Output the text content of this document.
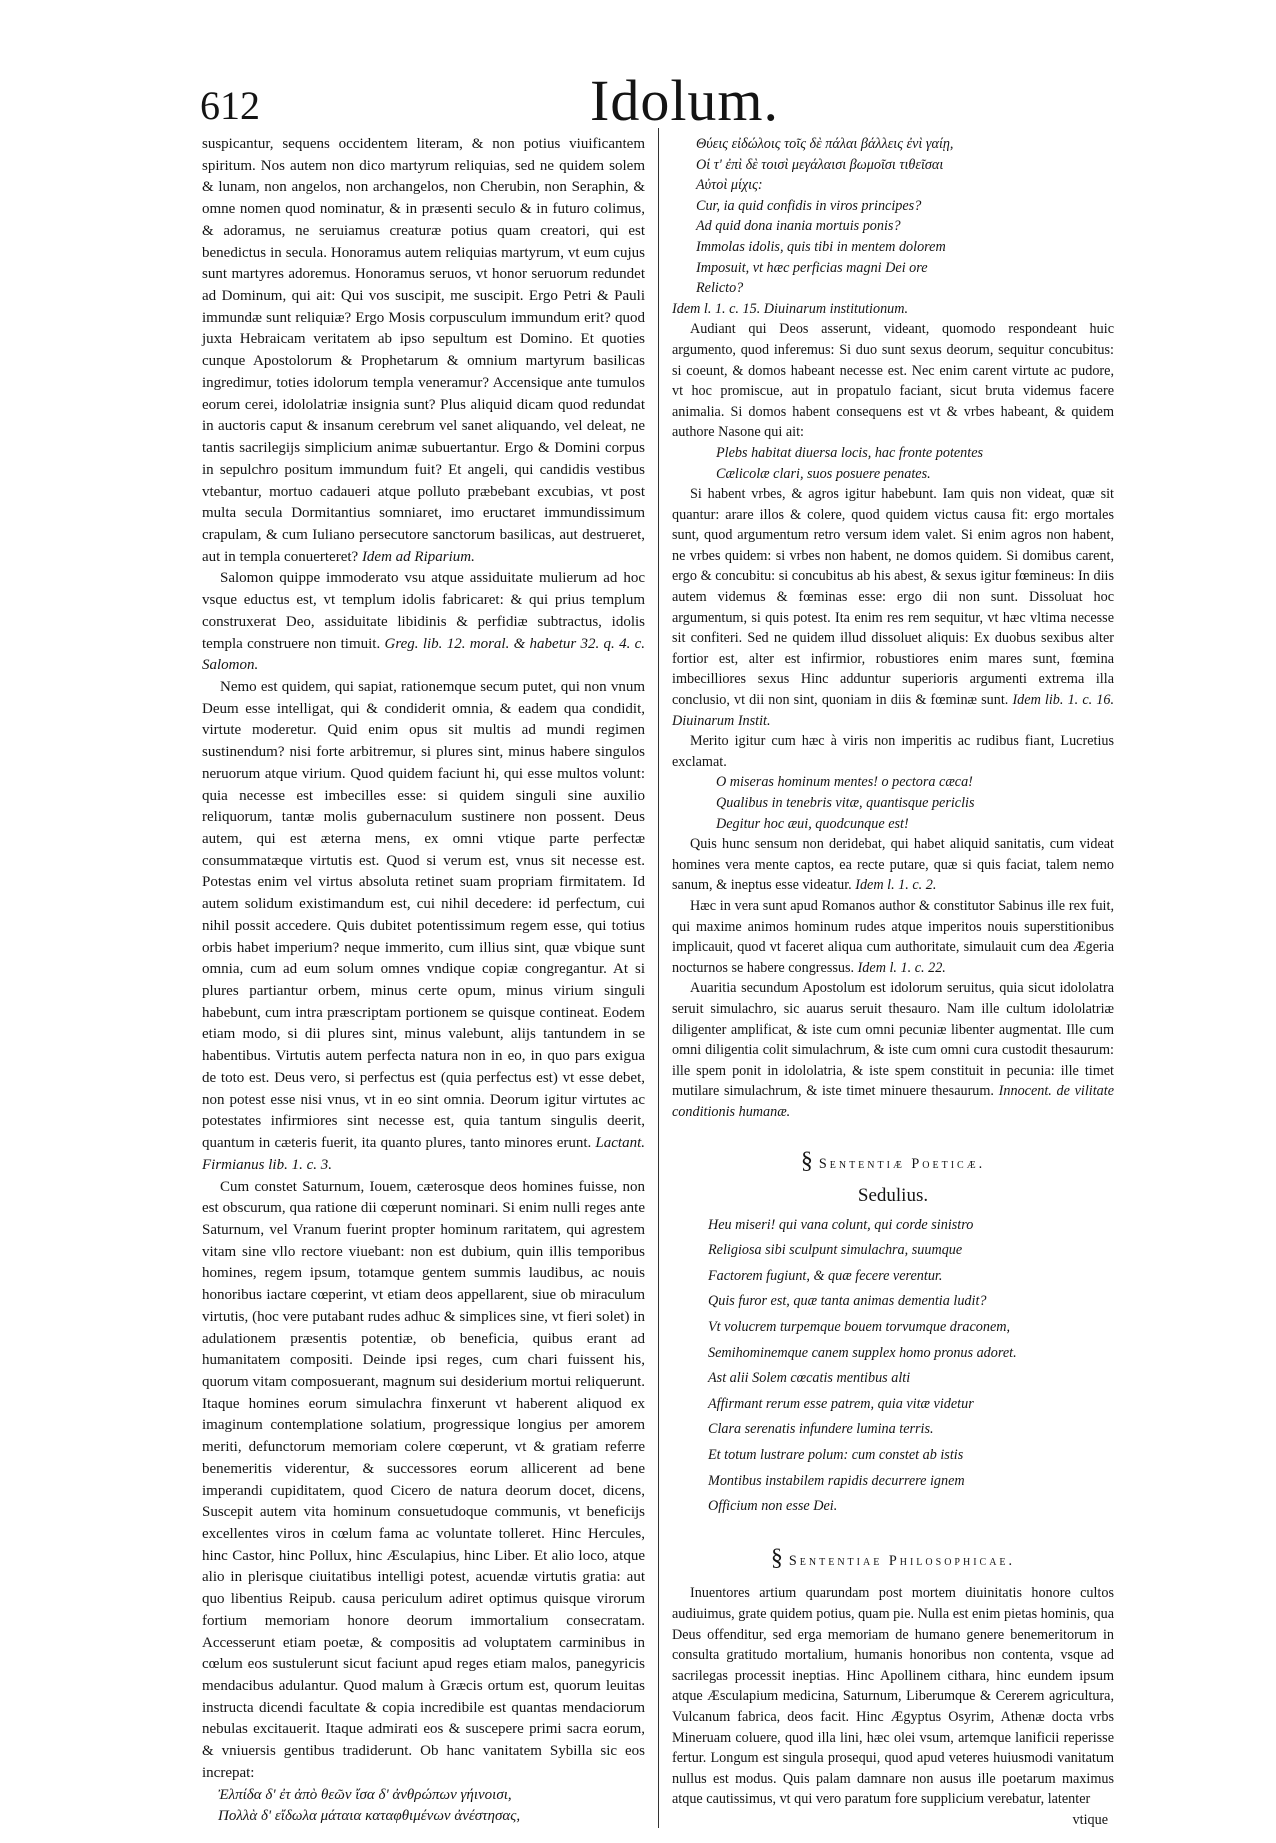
612	Idolum.

suspicantur, sequens occidentem literam, & non potius viuificantem spiritum. Nos autem non dico martyrum reliquias, sed ne quidem solem & lunam, non angelos, non archangelos, non Cherubin, non Seraphin, & omne nomen quod nominatur, & in præsenti seculo & in futuro colimus, & adoramus, ne seruiamus creaturæ potius quam creatori, qui est benedictus in secula. Honoramus autem reliquias martyrum, vt eum cujus sunt martyres adoremus. Honoramus seruos, vt honor seruorum redundet ad Dominum, qui ait: Qui vos suscipit, me suscipit. Ergo Petri & Pauli immundæ sunt reliquiæ? Ergo Mosis corpusculum immundum erit? quod juxta Hebraicam veritatem ab ipso sepultum est Domino. Et quoties cunque Apostolorum & Prophetarum & omnium martyrum basilicas ingredimur, toties idolorum templa veneramur? Accensique ante tumulos eorum cerei, idololatriæ insignia sunt? Plus aliquid dicam quod redundat in auctoris caput & insanum cerebrum vel sanet aliquando, vel deleat, ne tantis sacrilegijs simplicium animæ subuertantur. Ergo & Domini corpus in sepulchro positum immundum fuit? Et angeli, qui candidis vestibus vtebantur, mortuo cadaueri atque polluto præbebant excubias, vt post multa secula Dormitantius somniaret, imo eructaret immundissimum crapulam, & cum Iuliano persecutore sanctorum basilicas, aut destrueret, aut in templa conuerteret? Idem ad Riparium.

Salomon quippe immoderato vsu atque assiduitate mulierum ad hoc vsque eductus est, vt templum idolis fabricaret: & qui prius templum construxerat Deo, assiduitate libidinis & perfidiæ subtractus, idolis templa construere non timuit. Greg. lib. 12. moral. & habetur 32. q. 4. c. Salomon.

Nemo est quidem, qui sapiat, rationemque secum putet, qui non vnum Deum esse intelligat, qui & condiderit omnia, & eadem qua condidit, virtute moderetur. Quid enim opus sit multis ad mundi regimen sustinendum? nisi forte arbitremur, si plures sint, minus habere singulos neruorum atque virium. Quod quidem faciunt hi, qui esse multos volunt: quia necesse est imbecilles esse: si quidem singuli sine auxilio reliquorum, tantæ molis gubernaculum sustinere non possent. Deus autem, qui est æterna mens, ex omni vtique parte perfectæ consummatæque virtutis est. Quod si verum est, vnus sit necesse est. Potestas enim vel virtus absoluta retinet suam propriam firmitatem. Id autem solidum existimandum est, cui nihil decedere: id perfectum, cui nihil possit accedere. Quis dubitet potentissimum regem esse, qui totius orbis habet imperium? neque immerito, cum illius sint, quæ vbique sunt omnia, cum ad eum solum omnes vndique copiæ congregantur. At si plures partiantur orbem, minus certe opum, minus virium singuli habebunt, cum intra præscriptam portionem se quisque contineat. Eodem etiam modo, si dii plures sint, minus valebunt, alijs tantundem in se habentibus. Virtutis autem perfecta natura non in eo, in quo pars exigua de toto est. Deus vero, si perfectus est (quia perfectus est) vt esse debet, non potest esse nisi vnus, vt in eo sint omnia. Deorum igitur virtutes ac potestates infirmiores sint necesse est, quia tantum singulis deerit, quantum in cæteris fuerit, ita quanto plures, tanto minores erunt. Lactant. Firmianus lib. 1. c. 3.

Cum constet Saturnum, Iouem, cæterosque deos homines fuisse, non est obscurum, qua ratione dii cœperunt nominari. Si enim nulli reges ante Saturnum, vel Vranum fuerint propter hominum raritatem, qui agrestem vitam sine vllo rectore viuebant: non est dubium, quin illis temporibus homines, regem ipsum, totamque gentem summis laudibus, ac nouis honoribus iactare cœperint, vt etiam deos appellarent, siue ob miraculum virtutis, (hoc vere putabant rudes adhuc & simplices sine, vt fieri solet) in adulationem præsentis potentiæ, ob beneficia, quibus erant ad humanitatem compositi. Deinde ipsi reges, cum chari fuissent his, quorum vitam composuerant, magnum sui desiderium mortui reliquerunt. Itaque homines eorum simulachra finxerunt vt haberent aliquod ex imaginum contemplatione solatium, progressique longius per amorem meriti, defunctorum memoriam colere cœperunt, vt & gratiam referre benemeritis viderentur, & successores eorum allicerent ad bene imperandi cupiditatem, quod Cicero de natura deorum docet, dicens, Suscepit autem vita hominum consuetudoque communis, vt beneficijs excellentes viros in cœlum fama ac voluntate tolleret. Hinc Hercules, hinc Castor, hinc Pollux, hinc Æsculapius, hinc Liber. Et alio loco, atque alio in plerisque ciuitatibus intelligi potest, acuendæ virtutis gratia: aut quo libentius Reipub. causa periculum adiret optimus quisque virorum fortium memoriam honore deorum immortalium consecratam. Accesserunt etiam poetæ, & compositis ad voluptatem carminibus in cœlum eos sustulerunt sicut faciunt apud reges etiam malos, panegyricis mendacibus adulantur. Quod malum à Græcis ortum est, quorum leuitas instructa dicendi facultate & copia incredibile est quantas mendaciorum nebulas excitauerit. Itaque admirati eos & suscepere primi sacra eorum, & vniuersis gentibus tradiderunt. Ob hanc vanitatem Sybilla sic eos increpat:

Ἐλπίδα δ' ἐτ ἀπὸ θεῶν ἴσα δ' ἀνθρώπων γήινοισι,
Πολλὰ δ' εἴδωλα μάταια καταφθιμένων ἀνέστησας,
Θύεις εἰδώλοις τοῖς δὲ πάλαι βάλλεις ἐνὶ γαίῃ,
Οἱ τ' ἐπὶ δὲ τοισὶ μεγάλαισι βωμοῖσι τιθεῖσαι
Αὐτοὶ μίχις:
Cur, ia quid confidis in viros principes?
Ad quid dona inania mortuis ponis?
Immolas idolis, quis tibi in mentem dolorem
Imposuit, vt hæc perficias magni Dei ore
Relicto?

Idem l. 1. c. 15. Diuinarum institutionum.

Audiant qui Deos asserunt, videant, quomodo respondeant huic argumento, quod inferemus: Si duo sunt sexus deorum, sequitur concubitus: si coeunt, & domos habeant necesse est. Nec enim carent virtute ac pudore, vt hoc promiscue, aut in propatulo faciant, sicut bruta videmus facere animalia. Si domos habent consequens est vt & vrbes habeant, & quidem authore Nasone qui ait:

Plebs habitat diuersa locis, hac fronte potentes
Cælicolæ clari, suos posuere penates.

Si habent vrbes, & agros igitur habebunt. Iam quis non videat, quæ sit quantur: arare illos & colere, quod quidem victus causa fit: ergo mortales sunt, quod argumentum retro versum idem valet. Si enim agros non habent, ne vrbes quidem: si vrbes non habent, ne domos quidem. Si domibus carent, ergo & concubitu: si concubitus ab his abest, & sexus igitur fœmineus: In diis autem videmus & fœminas esse: ergo dii non sunt. Dissoluat hoc argumentum, si quis potest. Ita enim res rem sequitur, vt hæc vltima necesse sit confiteri. Sed ne quidem illud dissoluet aliquis: Ex duobus sexibus alter fortior est, alter est infirmior, robustiores enim mares sunt, fœmina imbecilliores sexus Hinc adduntur superioris argumenti extrema illa conclusio, vt dii non sint, quoniam in diis & fœminæ sunt. Idem lib. 1. c. 16. Diuinarum Instit.

Merito igitur cum hæc à viris non imperitis ac rudibus fiant, Lucretius exclamat.

O miseras hominum mentes! o pectora cæca!
Qualibus in tenebris vitæ, quantisque periclis
Degitur hoc æui, quodcunque est!

Quis hunc sensum non deridebat, qui habet aliquid sanitatis, cum videat homines vera mente captos, ea recte putare, quæ si quis faciat, talem nemo sanum, & ineptus esse videatur. Idem l. 1. c. 2.

Hæc in vera sunt apud Romanos author & constitutor Sabinus ille rex fuit, qui maxime animos hominum rudes atque imperitos nouis superstitionibus implicauit, quod vt faceret aliqua cum authoritate, simulauit cum dea Ægeria nocturnos se habere congressus. Idem l. 1. c. 22.

Auaritia secundum Apostolum est idolorum seruitus, quia sicut idololatra seruit simulachro, sic auarus seruit thesauro. Nam ille cultum idololatriæ diligenter amplificat, & iste cum omni pecuniæ libenter augmentat. Ille cum omni diligentia colit simulachrum, & iste cum omni cura custodit thesaurum: ille spem ponit in idololatria, & iste spem constituit in pecunia: ille timet mutilare simulachrum, & iste timet minuere thesaurum. Innocent. de vilitate conditionis humanæ.

§ Sententiæ Poeticæ.
Sedulius.
Heu miseri! qui vana colunt, qui corde sinistro
Religiosa sibi sculpunt simulachra, suumque
Factorem fugiunt, & quæ fecere verentur.
Quis furor est, quæ tanta animas dementia ludit?
Vt volucrem turpemque bouem torvumque draconem,
Semihominemque canem supplex homo pronus adoret.
Ast alii Solem cœcatis mentibus alti
Affirmant rerum esse patrem, quia vitæ videtur
Clara serenatis infundere lumina terris.
Et totum lustrare polum: cum constet ab istis
Montibus instabilem rapidis decurrere ignem
Officium non esse Dei.
§ Sententiae Philosophicae.

Inuentores artium quarundam post mortem diuinitatis honore cultos audiuimus, grate quidem potius, quam pie. Nulla est enim pietas hominis, qua Deus offenditur, sed erga memoriam de humano genere benemeritorum in consulta gratitudo mortalium, humanis honoribus non contenta, vsque ad sacrilegas processit ineptias. Hinc Apollinem cithara, hinc eundem ipsum atque Æsculapium medicina, Saturnum, Liberumque & Cererem agricultura, Vulcanum fabrica, deos facit. Hinc Ægyptus Osyrim, Athenæ docta vrbs Mineruam coluere, quod illa lini, hæc olei vsum, artemque lanificii reperisse fertur. Longum est singula prosequi, quod apud veteres huiusmodi vanitatum nullus est modus. Quis palam damnare non ausus ille poetarum maximus atque cautissimus, vt qui vero paratum fore supplicium verebatur, latenter

vtique
